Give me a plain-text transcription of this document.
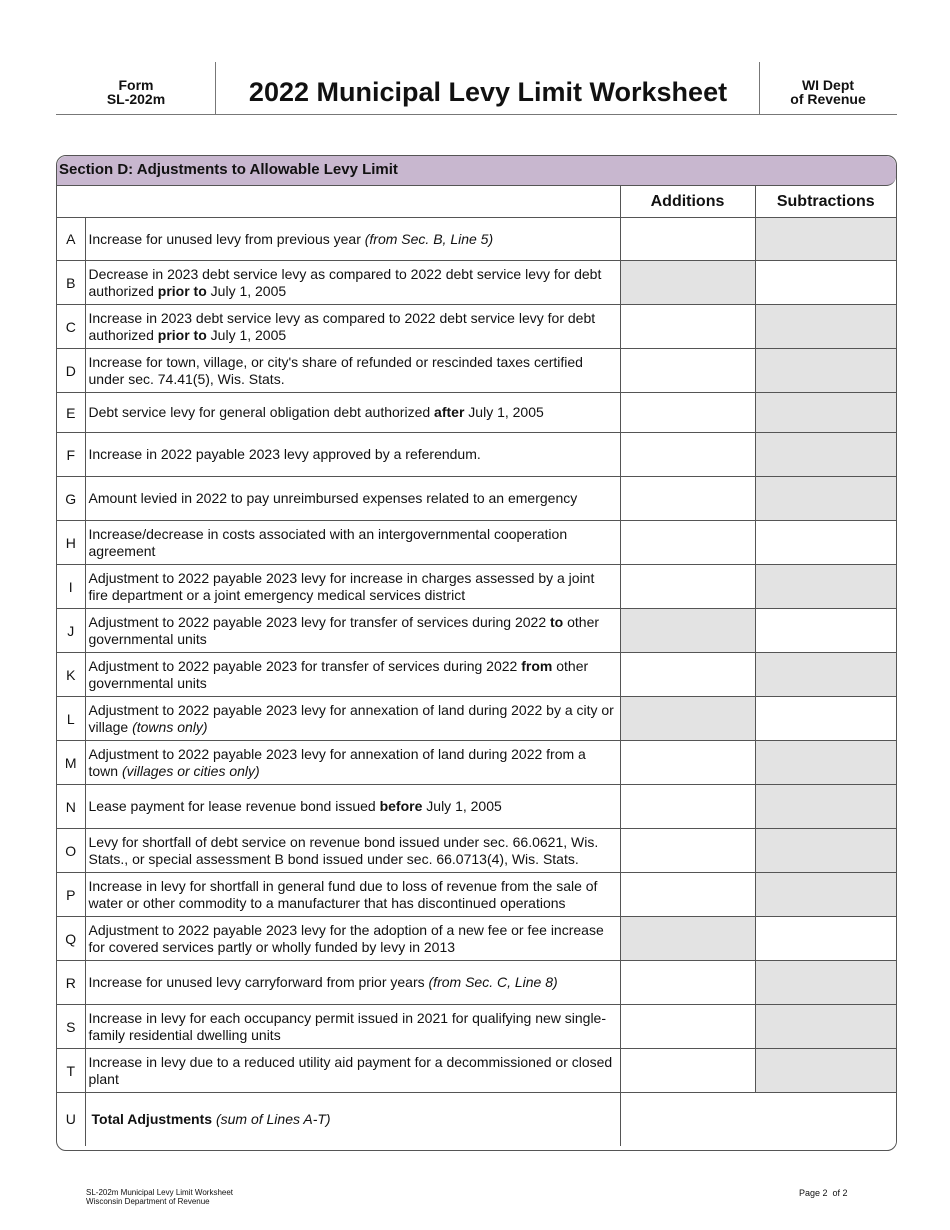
Form
SL-202m	2022 Municipal Levy Limit Worksheet	WI Dept
of Revenue
Section D: Adjustments to Allowable Levy Limit
		Additions	Subtractions
A	Increase for unused levy from previous year (from Sec. B, Line 5)		
B	Decrease in 2023 debt service levy as compared to 2022 debt service levy for debt authorized prior to July 1, 2005		
C	Increase in 2023 debt service levy as compared to 2022 debt service levy for debt authorized prior to July 1, 2005		
D	Increase for town, village, or city's share of refunded or rescinded taxes certified under sec. 74.41(5), Wis. Stats.		
E	Debt service levy for general obligation debt authorized after July 1, 2005		
F	Increase in 2022 payable 2023 levy approved by a referendum.		
G	Amount levied in 2022 to pay unreimbursed expenses related to an emergency		
H	Increase/decrease in costs associated with an intergovernmental cooperation agreement		
I	Adjustment to 2022 payable 2023 levy for increase in charges assessed by a joint fire department or a joint emergency medical services district		
J	Adjustment to 2022 payable 2023 levy for transfer of services during 2022 to other governmental units		
K	Adjustment to 2022 payable 2023 for transfer of services during 2022 from other governmental units		
L	Adjustment to 2022 payable 2023 levy for annexation of land during 2022 by a city or village (towns only)		
M	Adjustment to 2022 payable 2023 levy for annexation of land during 2022 from a town (villages or cities only)		
N	Lease payment for lease revenue bond issued before July 1, 2005		
O	Levy for shortfall of debt service on revenue bond issued under sec. 66.0621, Wis. Stats., or special assessment B bond issued under sec. 66.0713(4), Wis. Stats.		
P	Increase in levy for shortfall in general fund due to loss of revenue from the sale of water or other commodity to a manufacturer that has discontinued operations		
Q	Adjustment to 2022 payable 2023 levy for the adoption of a new fee or fee increase for covered services partly or wholly funded by levy in 2013		
R	Increase for unused levy carryforward from prior years (from Sec. C, Line 8)		
S	Increase in levy for each occupancy permit issued in 2021 for qualifying new single-family residential dwelling units		
T	Increase in levy due to a reduced utility aid payment for a decommissioned or closed plant		
U	Total Adjustments (sum of Lines A-T)		
SL-202m Municipal Levy Limit Worksheet
Wisconsin Department of Revenue
Page 2  of 2
